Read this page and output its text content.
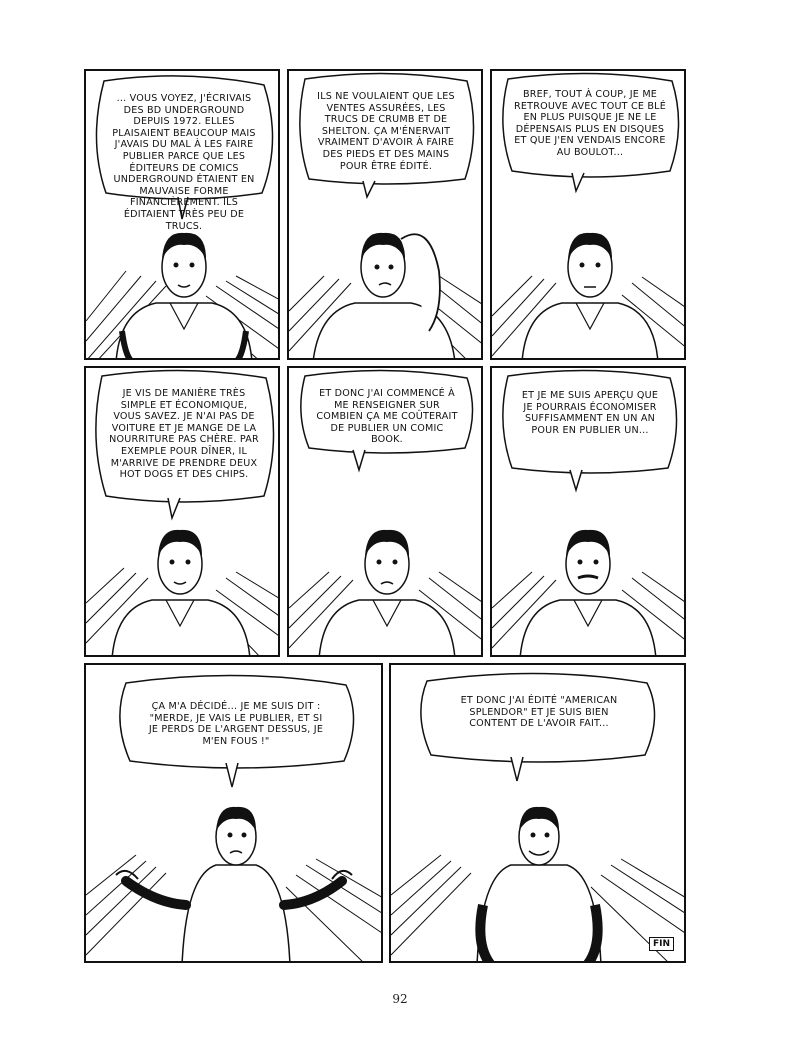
... VOUS VOYEZ, J'ÉCRIVAIS DES BD UNDERGROUND DEPUIS 1972. ELLES PLAISAIENT BEAUCOUP MAIS J'AVAIS DU MAL À LES FAIRE PUBLIER PARCE QUE LES ÉDITEURS DE COMICS UNDERGROUND ÉTAIENT EN MAUVAISE FORME FINANCIÈREMENT. ILS ÉDITAIENT TRÈS PEU DE TRUCS.
ILS NE VOULAIENT QUE LES VENTES ASSURÉES, LES TRUCS DE CRUMB ET DE SHELTON. ÇA M'ÉNERVAIT VRAIMENT D'AVOIR À FAIRE DES PIEDS ET DES MAINS POUR ÊTRE ÉDITÉ.
BREF, TOUT À COUP, JE ME RETROUVE AVEC TOUT CE BLÉ EN PLUS PUISQUE JE NE LE DÉPENSAIS PLUS EN DISQUES ET QUE J'EN VENDAIS ENCORE AU BOULOT...
JE VIS DE MANIÈRE TRÈS SIMPLE ET ÉCONOMIQUE, VOUS SAVEZ. JE N'AI PAS DE VOITURE ET JE MANGE DE LA NOURRITURE PAS CHÈRE. PAR EXEMPLE POUR DÎNER, IL M'ARRIVE DE PRENDRE DEUX HOT DOGS ET DES CHIPS.
ET DONC J'AI COMMENCÉ À ME RENSEIGNER SUR COMBIEN ÇA ME COÛTERAIT DE PUBLIER UN COMIC BOOK.
ET JE ME SUIS APERÇU QUE JE POURRAIS ÉCONOMISER SUFFISAMMENT EN UN AN POUR EN PUBLIER UN...
ÇA M'A DÉCIDÉ... JE ME SUIS DIT : "MERDE, JE VAIS LE PUBLIER, ET SI JE PERDS DE L'ARGENT DESSUS, JE M'EN FOUS !"
ET DONC J'AI ÉDITÉ "AMERICAN SPLENDOR" ET JE SUIS BIEN CONTENT DE L'AVOIR FAIT...
FIN
92
